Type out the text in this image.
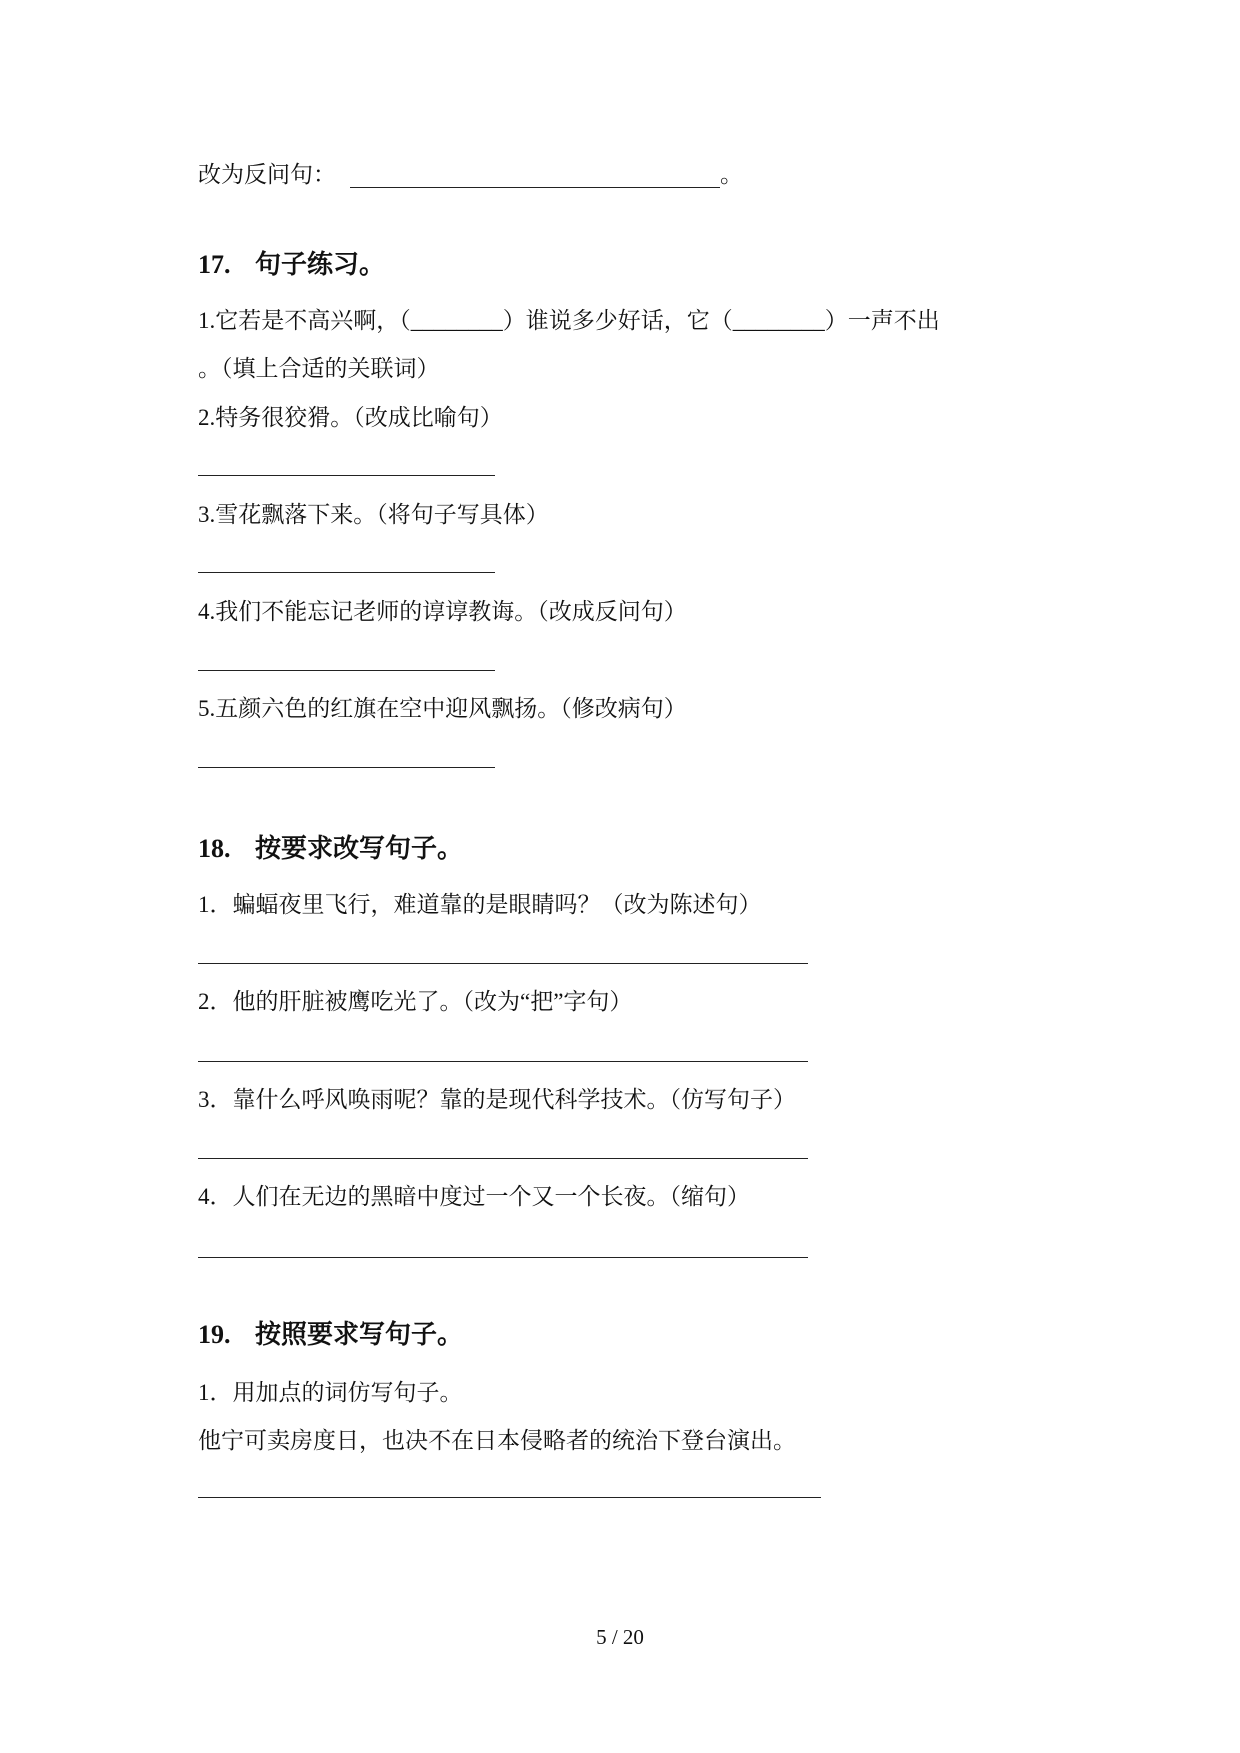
改为反问句：	。
17. 句子练习。
1.它若是不高兴啊，（________）谁说多少好话，它（________）一声不出
。（填上合适的关联词）
2.特务很狡猾。（改成比喻句）
3.雪花飘落下来。（将句子写具体）
4.我们不能忘记老师的谆谆教诲。（改成反问句）
5.五颜六色的红旗在空中迎风飘扬。（修改病句）
18. 按要求改写句子。
1．蝙蝠夜里飞行，难道靠的是眼睛吗？（改为陈述句）
2．他的肝脏被鹰吃光了。（改为“把”字句）
3．靠什么呼风唤雨呢？靠的是现代科学技术。（仿写句子）
4．人们在无边的黑暗中度过一个又一个长夜。（缩句）
19. 按照要求写句子。
1．用加点的词仿写句子。
他宁可卖房度日，也决不在日本侵略者的统治下登台演出。
5 / 20
